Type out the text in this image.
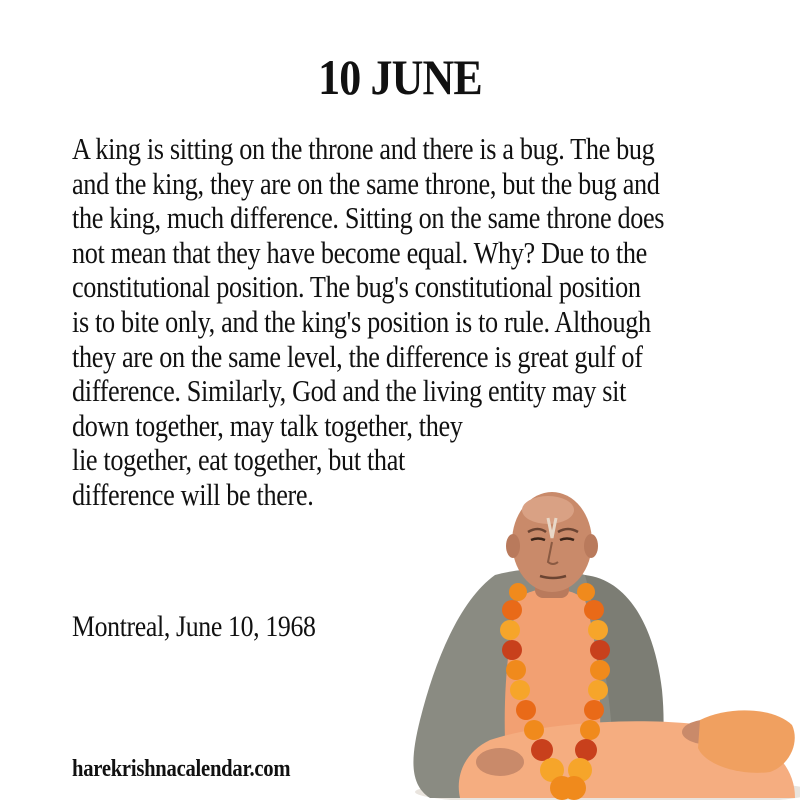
10 JUNE
A king is sitting on the throne and there is a bug. The bug
and the king, they are on the same throne, but the bug and
the king, much difference. Sitting on the same throne does
not mean that they have become equal. Why? Due to the
constitutional position. The bug's constitutional position
is to bite only, and the king's position is to rule. Although
they are on the same level, the difference is great gulf of
difference. Similarly, God and the living entity may sit
down together, may talk together, they
lie together, eat together, but that
difference will be there.
Montreal, June 10, 1968
harekrishnacalendar.com
